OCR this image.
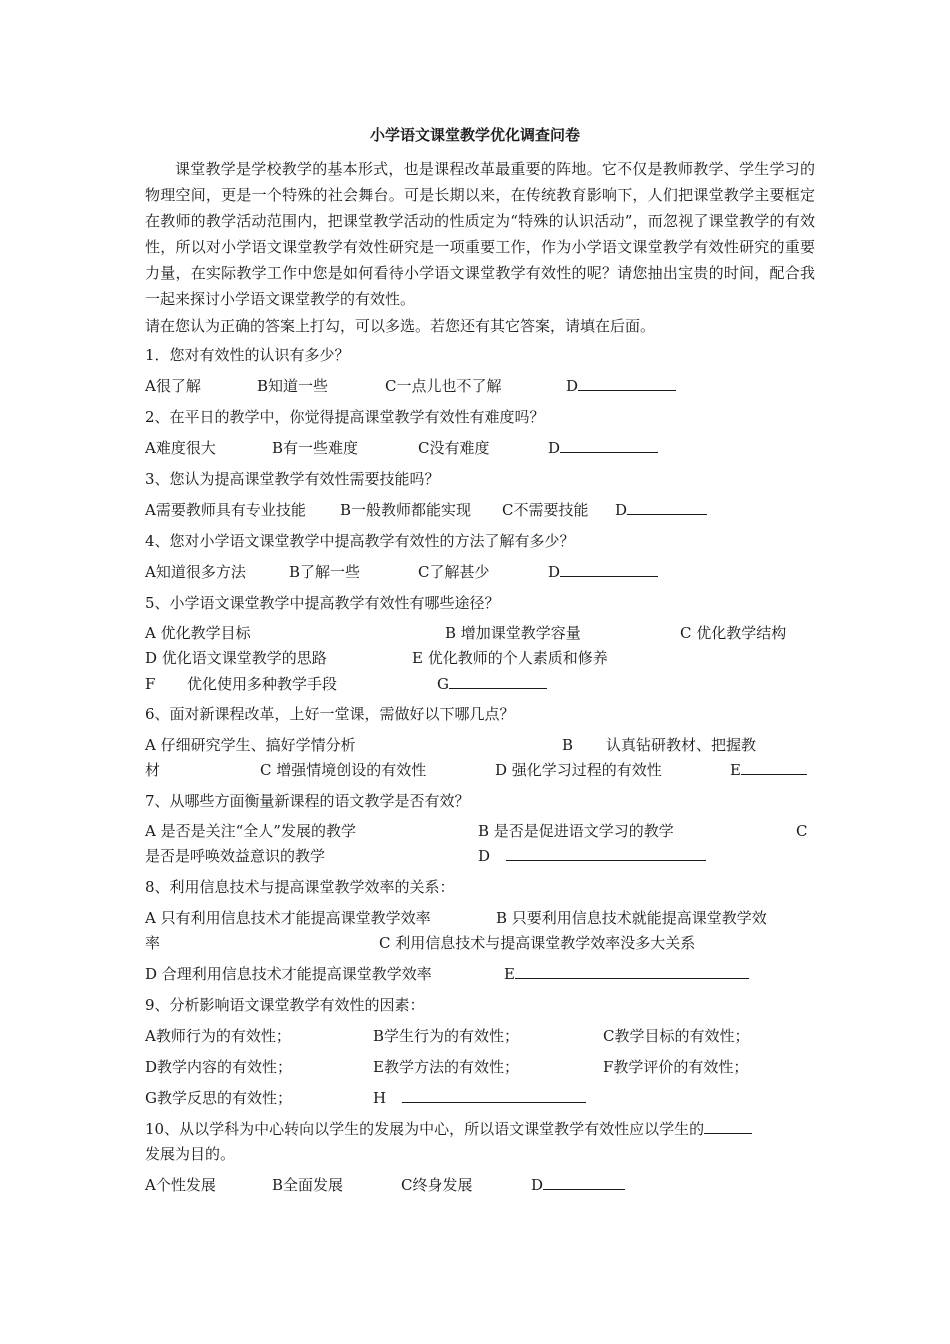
小学语文课堂教学优化调查问卷
课堂教学是学校教学的基本形式，也是课程改革最重要的阵地。它不仅是教师教学、学生学习的物理空间，更是一个特殊的社会舞台。可是长期以来，在传统教育影响下，人们把课堂教学主要框定在教师的教学活动范围内，把课堂教学活动的性质定为“特殊的认识活动”，而忽视了课堂教学的有效性，所以对小学语文课堂教学有效性研究是一项重要工作，作为小学语文课堂教学有效性研究的重要力量，在实际教学工作中您是如何看待小学语文课堂教学有效性的呢？请您抽出宝贵的时间，配合我一起来探讨小学语文课堂教学的有效性。
请在您认为正确的答案上打勾，可以多选。若您还有其它答案，请填在后面。
1．您对有效性的认识有多少？
A很了解	B知道一些	C一点儿也不了解	D
2、在平日的教学中，你觉得提高课堂教学有效性有难度吗？
A难度很大	B有一些难度	C没有难度	D
3、您认为提高课堂教学有效性需要技能吗？
A需要教师具有专业技能 B一般教师都能实现 C不需要技能 D
4、您对小学语文课堂教学中提高教学有效性的方法了解有多少？
A知道很多方法	B了解一些	C了解甚少	D
5、小学语文课堂教学中提高教学有效性有哪些途径？
A 优化教学目标	B 增加课堂教学容量	C 优化教学结构
D 优化语文课堂教学的思路	E 优化教师的个人素质和修养
F 优化使用多种教学手段	G
6、面对新课程改革，上好一堂课，需做好以下哪几点？
A 仔细研究学生、搞好学情分析	B 认真钻研教材、把握教
材	C 增强情境创设的有效性	D 强化学习过程的有效性	E
7、从哪些方面衡量新课程的语文教学是否有效？
A 是否是关注“全人”发展的教学	B 是否是促进语文学习的教学	C
是否是呼唤效益意识的教学	D
8、利用信息技术与提高课堂教学效率的关系：
A 只有利用信息技术才能提高课堂教学效率	B 只要利用信息技术就能提高课堂教学效
率	C 利用信息技术与提高课堂教学效率没多大关系
D 合理利用信息技术才能提高课堂教学效率	E
9、分析影响语文课堂教学有效性的因素：
A教师行为的有效性；	B学生行为的有效性；	C教学目标的有效性；
D教学内容的有效性；	E教学方法的有效性；	F教学评价的有效性；
G教学反思的有效性；	H
10、从以学科为中心转向以学生的发展为中心，所以语文课堂教学有效性应以学生的
发展为目的。
A个性发展	B全面发展	C终身发展	D
